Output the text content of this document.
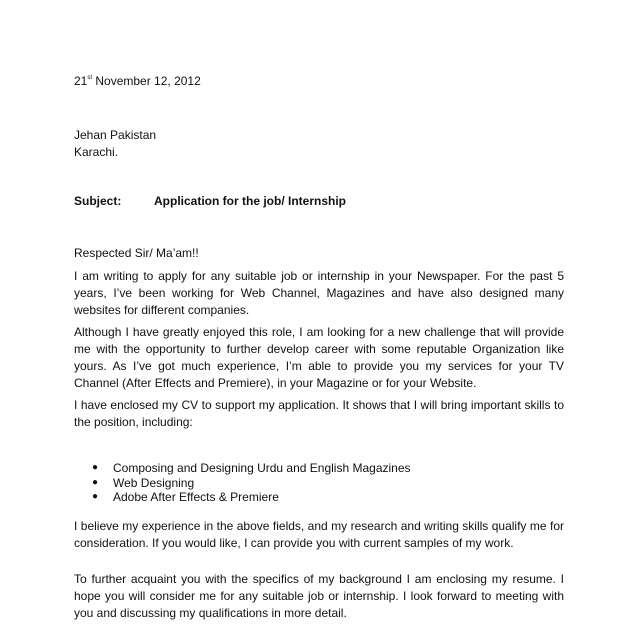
21st November 12, 2012
Jehan Pakistan
Karachi.
Subject:	Application for the job/ Internship
Respected Sir/ Ma’am!!
I am writing to apply for any suitable job or internship in your Newspaper. For the past 5 years, I’ve been working for Web Channel, Magazines and have also designed many websites for different companies.
Although I have greatly enjoyed this role, I am looking for a new challenge that will provide me with the opportunity to further develop career with some reputable Organization like yours. As I’ve got much experience, I’m able to provide you my services for your TV Channel (After Effects and Premiere), in your Magazine or for your Website.
I have enclosed my CV to support my application. It shows that I will bring important skills to the position, including:
● Composing and Designing Urdu and English Magazines
● Web Designing
● Adobe After Effects & Premiere
I believe my experience in the above fields, and my research and writing skills qualify me for consideration. If you would like, I can provide you with current samples of my work.
To further acquaint you with the specifics of my background I am enclosing my resume. I hope you will consider me for any suitable job or internship. I look forward to meeting with you and discussing my qualifications in more detail.
